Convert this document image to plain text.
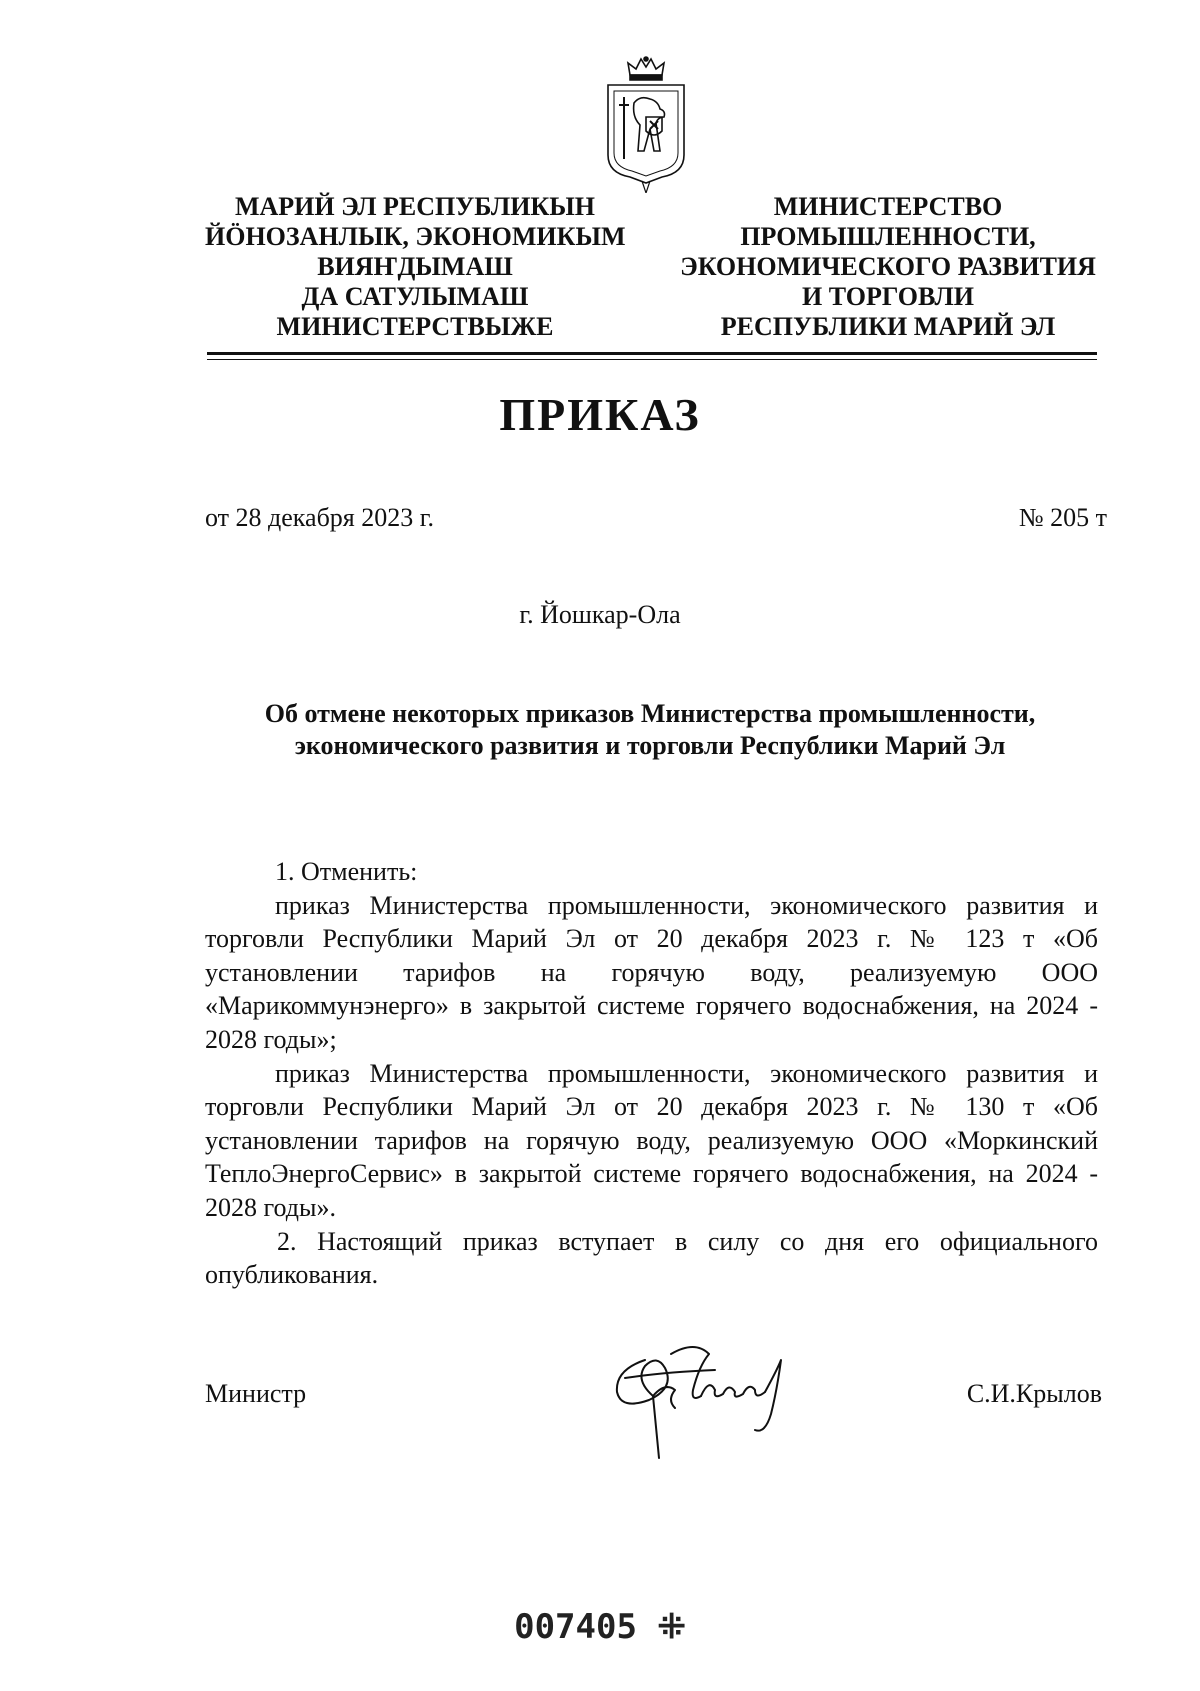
МАРИЙ ЭЛ РЕСПУБЛИКЫН
ЙӦНОЗАНЛЫК, ЭКОНОМИКЫМ
ВИЯҤДЫМАШ
ДА САТУЛЫМАШ
МИНИСТЕРСТВЫЖЕ
МИНИСТЕРСТВО
ПРОМЫШЛЕННОСТИ,
ЭКОНОМИЧЕСКОГО РАЗВИТИЯ
И ТОРГОВЛИ
РЕСПУБЛИКИ МАРИЙ ЭЛ
ПРИКАЗ
от 28 декабря 2023 г.	№ 205 т
г. Йошкар-Ола
Об отмене некоторых приказов Министерства промышленности,
экономического развития и торговли Республики Марий Эл

1. Отменить:

приказ Министерства промышленности, экономического развития и торговли Республики Марий Эл от 20 декабря 2023 г. № 123 т «Об установлении тарифов на горячую воду, реализуемую ООО «Марикоммунэнерго» в закрытой системе горячего водоснабжения, на 2024 - 2028 годы»;

приказ Министерства промышленности, экономического развития и торговли Республики Марий Эл от 20 декабря 2023 г. № 130 т «Об установлении тарифов на горячую воду, реализуемую ООО «Моркинский ТеплоЭнергоСервис» в закрытой системе горячего водоснабжения, на 2024 - 2028 годы».

2. Настоящий приказ вступает в силу со дня его официального опубликования.

Министр	С.И.Крылов
007405 ⁜
